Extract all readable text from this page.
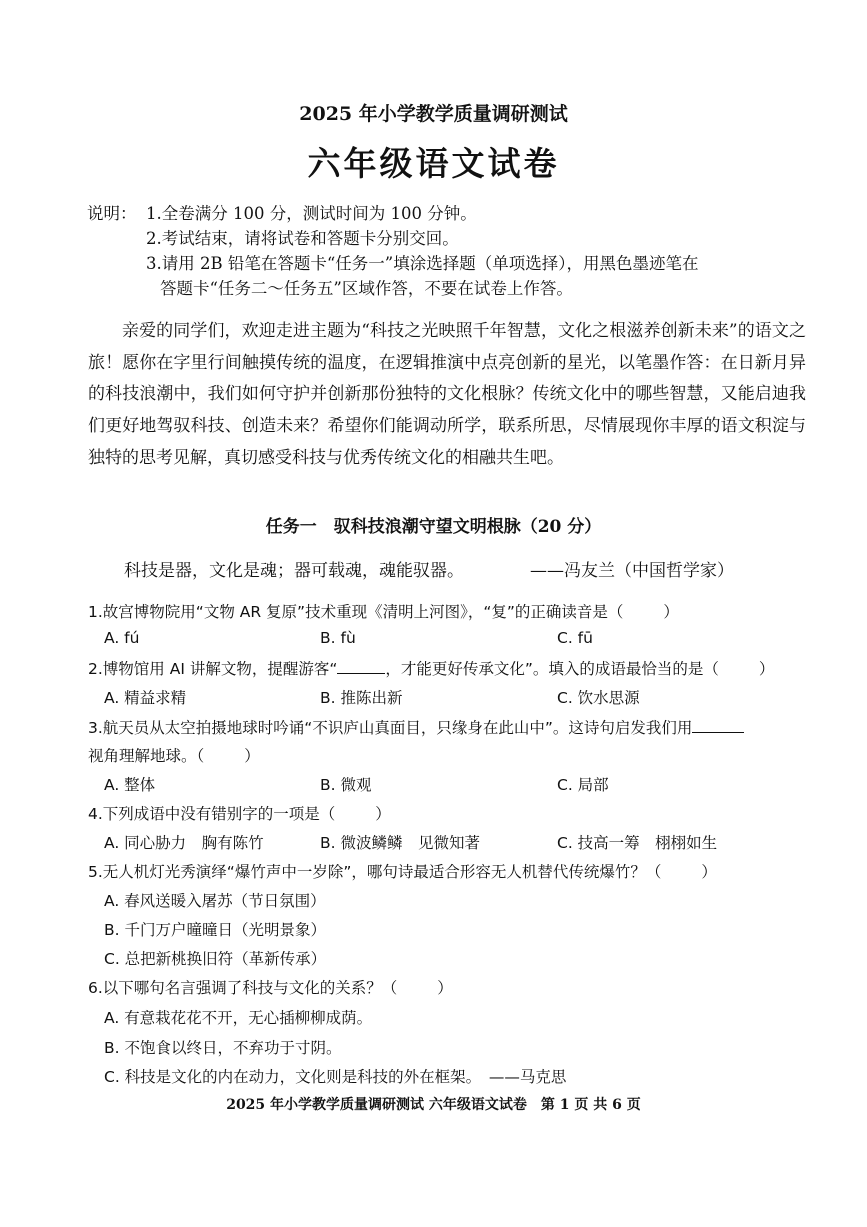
2025 年小学教学质量调研测试
六年级语文试卷
说明： 1.全卷满分 100 分，测试时间为 100 分钟。
2.考试结束，请将试卷和答题卡分别交回。
3.请用 2B 铅笔在答题卡“任务一”填涂选择题（单项选择），用黑色墨迹笔在
答题卡“任务二～任务五”区域作答，不要在试卷上作答。
亲爱的同学们，欢迎走进主题为“科技之光映照千年智慧，文化之根滋养创新未来”的语文之旅！愿你在字里行间触摸传统的温度，在逻辑推演中点亮创新的星光，以笔墨作答：在日新月异的科技浪潮中，我们如何守护并创新那份独特的文化根脉？传统文化中的哪些智慧，又能启迪我们更好地驾驭科技、创造未来？希望你们能调动所学，联系所思，尽情展现你丰厚的语文积淀与独特的思考见解，真切感受科技与优秀传统文化的相融共生吧。
任务一　驭科技浪潮守望文明根脉（20 分）
科技是器，文化是魂；器可载魂，魂能驭器。	——冯友兰（中国哲学家）
1.故宫博物院用“文物 AR 复原”技术重现《清明上河图》，“复”的正确读音是（	）
A. fú	B. fù	C. fū
2.博物馆用 AI 讲解文物，提醒游客“	，才能更好传承文化”。填入的成语最恰当的是（	）
A. 精益求精	B. 推陈出新	C. 饮水思源
3.航天员从太空拍摄地球时吟诵“不识庐山真面目，只缘身在此山中”。这诗句启发我们用
视角理解地球。（	）
A. 整体	B. 微观	C. 局部
4.下列成语中没有错别字的一项是（	）
A. 同心胁力　胸有陈竹	B. 微波鳞鳞　见微知著	C. 技高一筹　栩栩如生
5.无人机灯光秀演绎“爆竹声中一岁除”，哪句诗最适合形容无人机替代传统爆竹？（	）
A. 春风送暖入屠苏（节日氛围）
B. 千门万户曈曈日（光明景象）
C. 总把新桃换旧符（革新传承）
6.以下哪句名言强调了科技与文化的关系？（	）
A. 有意栽花花不开，无心插柳柳成荫。
B. 不饱食以终日，不弃功于寸阴。
C. 科技是文化的内在动力，文化则是科技的外在框架。　——马克思
2025 年小学教学质量调研测试 六年级语文试卷　第 1 页 共 6 页
